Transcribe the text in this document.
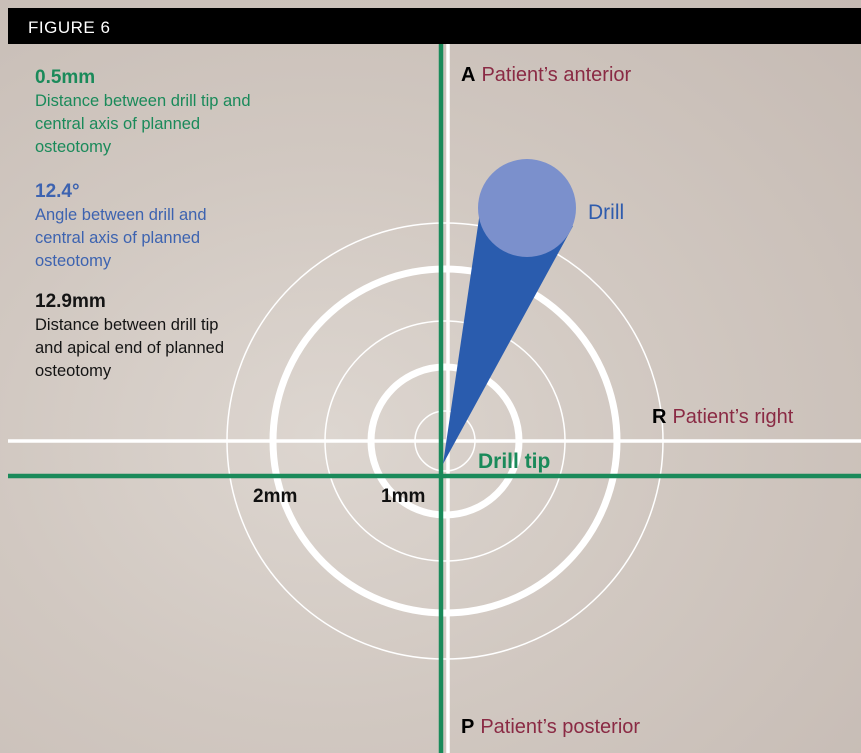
FIGURE 6
0.5mm
Distance between drill tip and central axis of planned osteotomy
12.4°
Angle between drill and central axis of planned osteotomy
12.9mm
Distance between drill tip and apical end of planned osteotomy
A Patient’s anterior
R Patient’s right
P Patient’s posterior
Drill
Drill tip
2mm	1mm
